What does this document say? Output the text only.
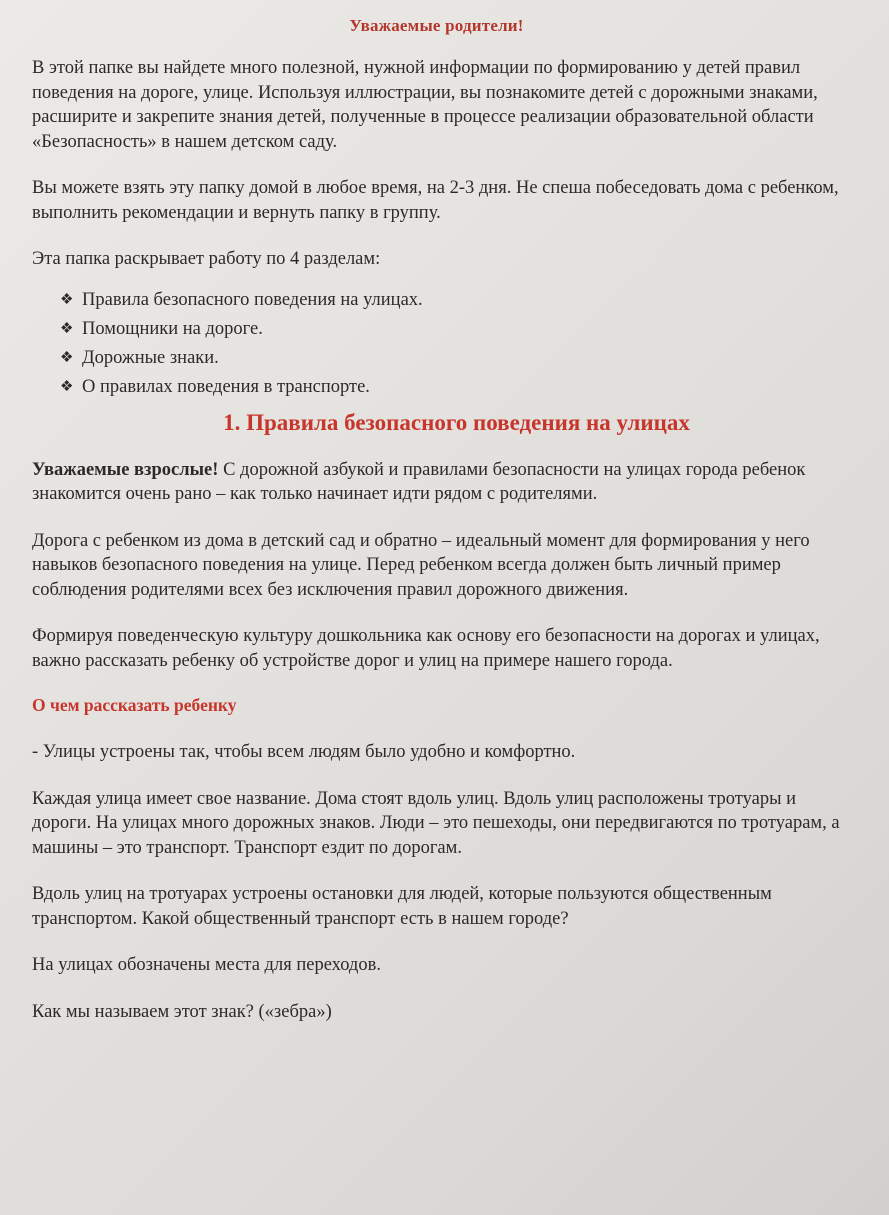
Уважаемые родители!

В этой папке вы найдете много полезной, нужной информации по формированию у детей правил поведения на дороге, улице. Используя иллюстрации, вы познакомите детей с дорожными знаками, расширите и закрепите знания детей, полученные в процессе реализации образовательной области «Безопасность» в нашем детском саду.

Вы можете взять эту папку домой в любое время, на 2-3 дня. Не спеша побеседовать дома с ребенком, выполнить рекомендации и вернуть папку в группу.

Эта папка раскрывает работу по 4 разделам:

❖ Правила безопасного поведения на улицах.
❖ Помощники на дороге.
❖ Дорожные знаки.
❖ О правилах поведения в транспорте.
1. Правила безопасного поведения на улицах

Уважаемые взрослые! С дорожной азбукой и правилами безопасности на улицах города ребенок знакомится очень рано – как только начинает идти рядом с родителями.

Дорога с ребенком из дома в детский сад и обратно – идеальный момент для формирования у него навыков безопасного поведения на улице. Перед ребенком всегда должен быть личный пример соблюдения родителями всех без исключения правил дорожного движения.

Формируя поведенческую культуру дошкольника как основу его безопасности на дорогах и улицах, важно рассказать ребенку об устройстве дорог и улиц на примере нашего города.

О чем рассказать ребенку

- Улицы устроены так, чтобы всем людям было удобно и комфортно.

Каждая улица имеет свое название. Дома стоят вдоль улиц. Вдоль улиц расположены тротуары и дороги. На улицах много дорожных знаков. Люди – это пешеходы, они передвигаются по тротуарам, а машины – это транспорт. Транспорт ездит по дорогам.

Вдоль улиц на тротуарах устроены остановки для людей, которые пользуются общественным транспортом. Какой общественный транспорт есть в нашем городе?

На улицах обозначены места для переходов.

Как мы называем этот знак? («зебра»)
